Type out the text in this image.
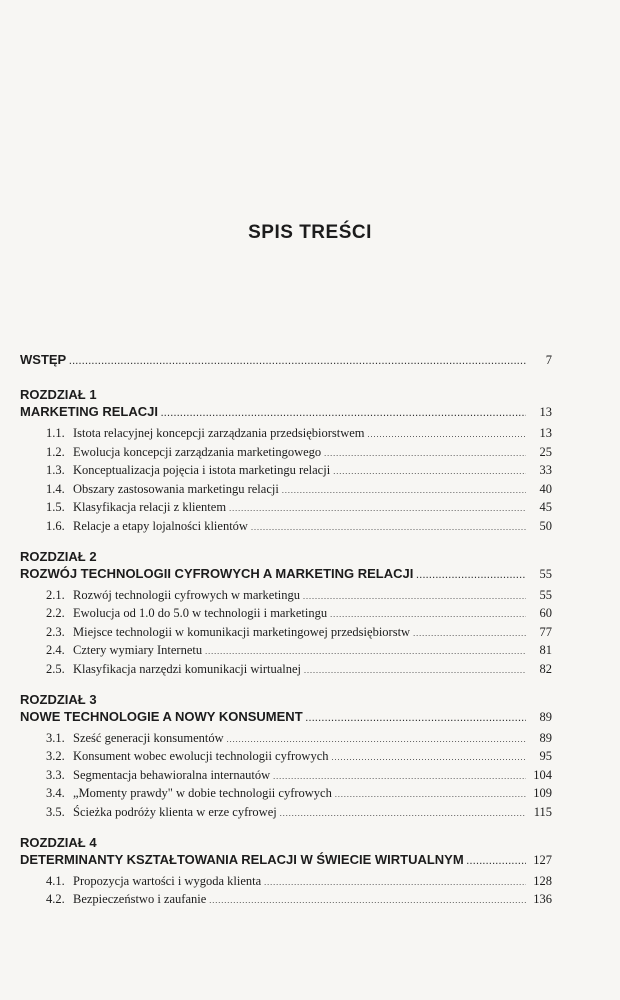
SPIS TREŚCI
WSTĘP .....	7
ROZDZIAŁ 1
MARKETING RELACJI .....	13
1.1. Istota relacyjnej koncepcji zarządzania przedsiębiorstwem .....	13
1.2. Ewolucja koncepcji zarządzania marketingowego .....	25
1.3. Konceptualizacja pojęcia i istota marketingu relacji .....	33
1.4. Obszary zastosowania marketingu relacji .....	40
1.5. Klasyfikacja relacji z klientem .....	45
1.6. Relacje a etapy lojalności klientów .....	50
ROZDZIAŁ 2
ROZWÓJ TECHNOLOGII CYFROWYCH A MARKETING RELACJI .....	55
2.1. Rozwój technologii cyfrowych w marketingu .....	55
2.2. Ewolucja od 1.0 do 5.0 w technologii i marketingu .....	60
2.3. Miejsce technologii w komunikacji marketingowej przedsiębiorstw .....	77
2.4. Cztery wymiary Internetu .....	81
2.5. Klasyfikacja narzędzi komunikacji wirtualnej .....	82
ROZDZIAŁ 3
NOWE TECHNOLOGIE A NOWY KONSUMENT .....	89
3.1. Sześć generacji konsumentów .....	89
3.2. Konsument wobec ewolucji technologii cyfrowych .....	95
3.3. Segmentacja behawioralna internautów .....	104
3.4. „Momenty prawdy" w dobie technologii cyfrowych .....	109
3.5. Ścieżka podróży klienta w erze cyfrowej .....	115
ROZDZIAŁ 4
DETERMINANTY KSZTAŁTOWANIA RELACJI W ŚWIECIE WIRTUALNYM .....	127
4.1. Propozycja wartości i wygoda klienta .....	128
4.2. Bezpieczeństwo i zaufanie .....	136
